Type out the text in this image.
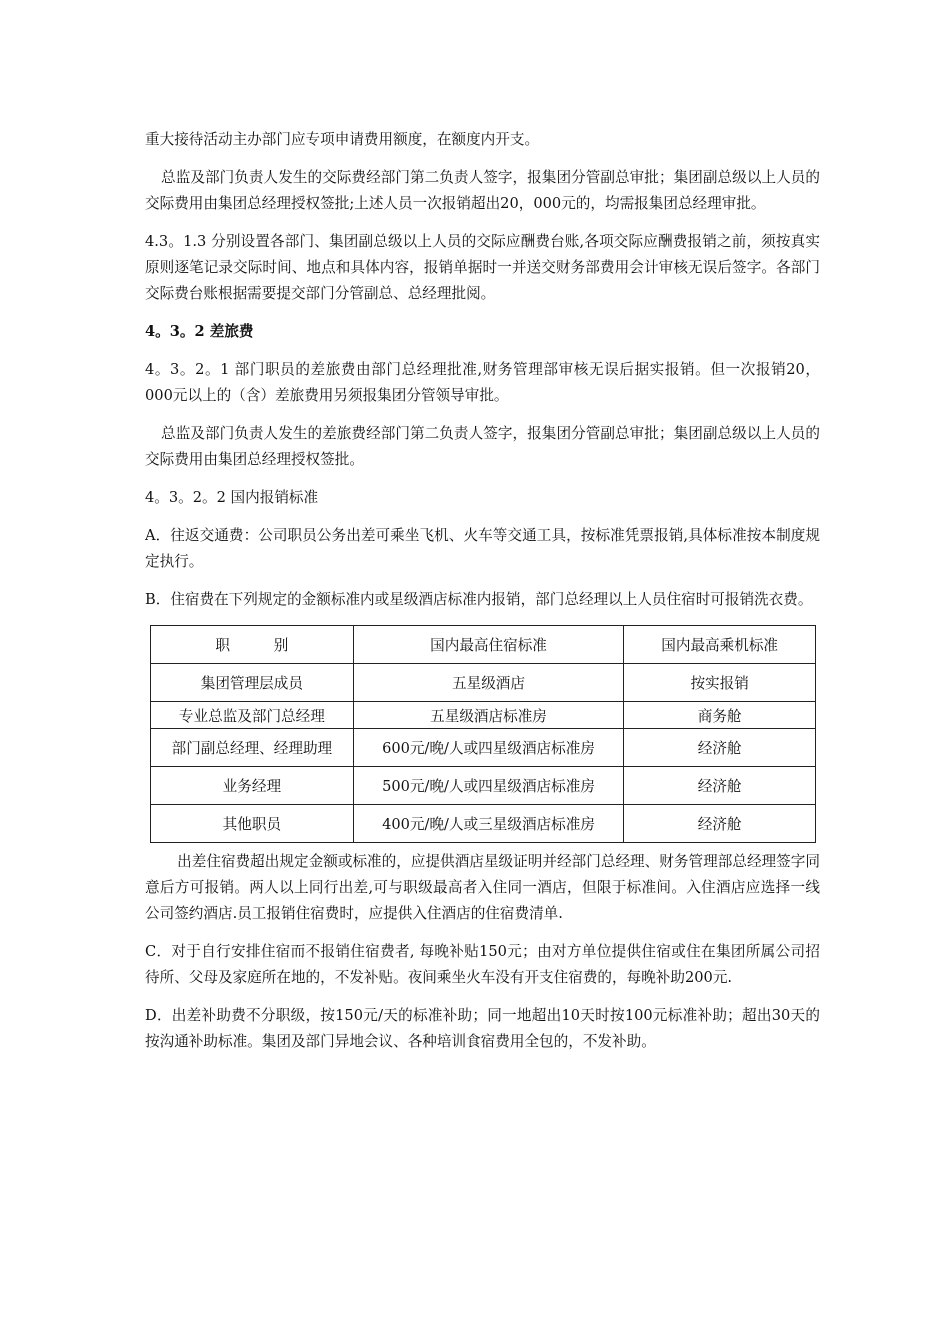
重大接待活动主办部门应专项申请费用额度，在额度内开支。

总监及部门负责人发生的交际费经部门第二负责人签字，报集团分管副总审批；集团副总级以上人员的交际费用由集团总经理授权签批;上述人员一次报销超出20，000元的，均需报集团总经理审批。

4.3。1.3 分别设置各部门、集团副总级以上人员的交际应酬费台账,各项交际应酬费报销之前，须按真实原则逐笔记录交际时间、地点和具体内容，报销单据时一并送交财务部费用会计审核无误后签字。各部门交际费台账根据需要提交部门分管副总、总经理批阅。

4。3。2 差旅费

4。3。2。1 部门职员的差旅费由部门总经理批准,财务管理部审核无误后据实报销。但一次报销20，000元以上的（含）差旅费用另须报集团分管领导审批。

总监及部门负责人发生的差旅费经部门第二负责人签字，报集团分管副总审批；集团副总级以上人员的交际费用由集团总经理授权签批。

4。3。2。2 国内报销标准

A．往返交通费：公司职员公务出差可乘坐飞机、火车等交通工具，按标准凭票报销,具体标准按本制度规定执行。

B．住宿费在下列规定的金额标准内或星级酒店标准内报销，部门总经理以上人员住宿时可报销洗衣费。

职　　　别	国内最高住宿标准	国内最高乘机标准
集团管理层成员	五星级酒店	按实报销
专业总监及部门总经理	五星级酒店标准房	商务舱
部门副总经理、经理助理	600元/晚/人或四星级酒店标准房	经济舱
业务经理	500元/晚/人或四星级酒店标准房	经济舱
其他职员	400元/晚/人或三星级酒店标准房	经济舱

出差住宿费超出规定金额或标准的，应提供酒店星级证明并经部门总经理、财务管理部总经理签字同意后方可报销。两人以上同行出差,可与职级最高者入住同一酒店，但限于标准间。入住酒店应选择一线公司签约酒店.员工报销住宿费时，应提供入住酒店的住宿费清单.

C．对于自行安排住宿而不报销住宿费者, 每晚补贴150元；由对方单位提供住宿或住在集团所属公司招待所、父母及家庭所在地的，不发补贴。夜间乘坐火车没有开支住宿费的，每晚补助200元.

D．出差补助费不分职级，按150元/天的标准补助；同一地超出10天时按100元标准补助；超出30天的按沟通补助标准。集团及部门异地会议、各种培训食宿费用全包的，不发补助。
